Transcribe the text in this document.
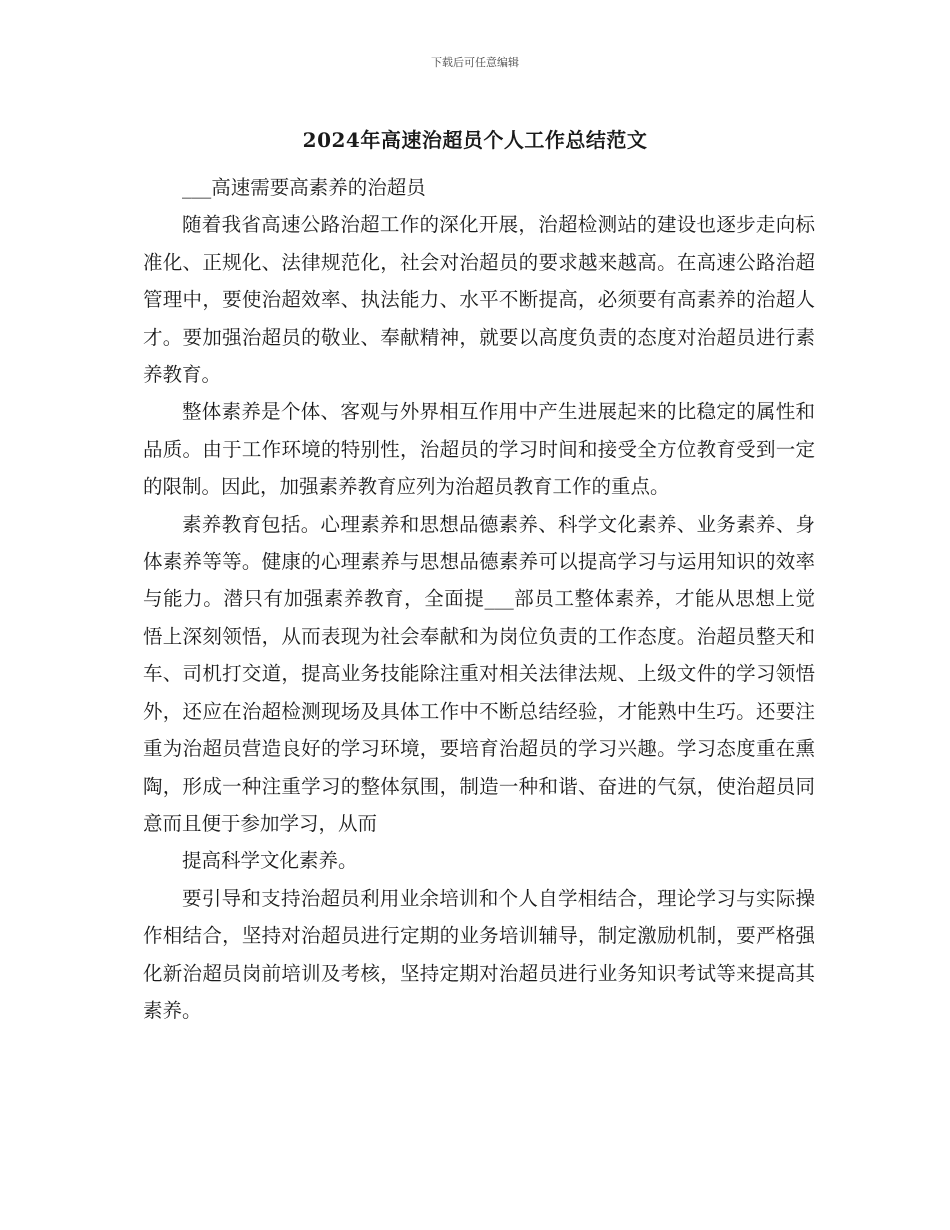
下载后可任意编辑
2024年高速治超员个人工作总结范文

___高速需要高素养的治超员

随着我省高速公路治超工作的深化开展，治超检测站的建设也逐步走向标准化、正规化、法律规范化，社会对治超员的要求越来越高。在高速公路治超管理中，要使治超效率、执法能力、水平不断提高，必须要有高素养的治超人才。要加强治超员的敬业、奉献精神，就要以高度负责的态度对治超员进行素养教育。

整体素养是个体、客观与外界相互作用中产生进展起来的比稳定的属性和品质。由于工作环境的特别性，治超员的学习时间和接受全方位教育受到一定的限制。因此，加强素养教育应列为治超员教育工作的重点。

素养教育包括。心理素养和思想品德素养、科学文化素养、业务素养、身体素养等等。健康的心理素养与思想品德素养可以提高学习与运用知识的效率与能力。潜只有加强素养教育，全面提___部员工整体素养，才能从思想上觉悟上深刻领悟，从而表现为社会奉献和为岗位负责的工作态度。治超员整天和车、司机打交道，提高业务技能除注重对相关法律法规、上级文件的学习领悟外，还应在治超检测现场及具体工作中不断总结经验，才能熟中生巧。还要注重为治超员营造良好的学习环境，要培育治超员的学习兴趣。学习态度重在熏陶，形成一种注重学习的整体氛围，制造一种和谐、奋进的气氛，使治超员同意而且便于参加学习，从而

提高科学文化素养。

要引导和支持治超员利用业余培训和个人自学相结合，理论学习与实际操作相结合，坚持对治超员进行定期的业务培训辅导，制定激励机制，要严格强化新治超员岗前培训及考核，坚持定期对治超员进行业务知识考试等来提高其素养。
